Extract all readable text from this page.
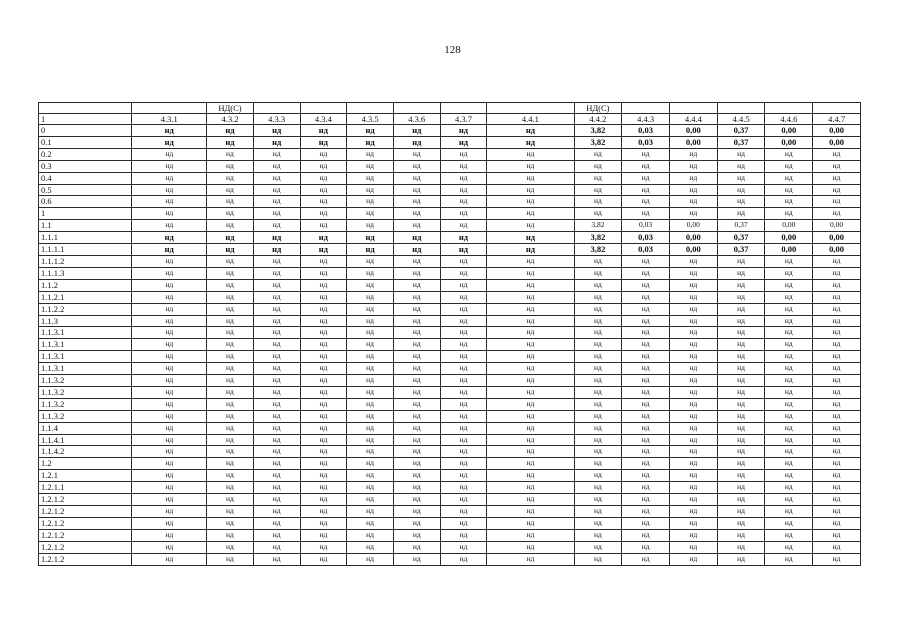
128
		НД(С)							НД(С)					
1	4.3.1	4.3.2	4.3.3	4.3.4	4.3.5	4.3.6	4.3.7	4.4.1	4.4.2	4.4.3	4.4.4	4.4.5	4.4.6	4.4.7
0	нд	нд	нд	нд	нд	нд	нд	нд	3,82	0,03	0,00	0,37	0,00	0,00
0.1	нд	нд	нд	нд	нд	нд	нд	нд	3,82	0,03	0,00	0,37	0,00	0,00
0.2	нд	нд	нд	нд	нд	нд	нд	нд	нд	нд	нд	нд	нд	нд
0.3	нд	нд	нд	нд	нд	нд	нд	нд	нд	нд	нд	нд	нд	нд
0.4	нд	нд	нд	нд	нд	нд	нд	нд	нд	нд	нд	нд	нд	нд
0.5	нд	нд	нд	нд	нд	нд	нд	нд	нд	нд	нд	нд	нд	нд
0.6	нд	нд	нд	нд	нд	нд	нд	нд	нд	нд	нд	нд	нд	нд
1	нд	нд	нд	нд	нд	нд	нд	нд	нд	нд	нд	нд	нд	нд
1.1	нд	нд	нд	нд	нд	нд	нд	нд	3,82	0,03	0,00	0,37	0,00	0,00
1.1.1	нд	нд	нд	нд	нд	нд	нд	нд	3,82	0,03	0,00	0,37	0,00	0,00
1.1.1.1	нд	нд	нд	нд	нд	нд	нд	нд	3,82	0,03	0,00	0,37	0,00	0,00
1.1.1.2	нд	нд	нд	нд	нд	нд	нд	нд	нд	нд	нд	нд	нд	нд
1.1.1.3	нд	нд	нд	нд	нд	нд	нд	нд	нд	нд	нд	нд	нд	нд
1.1.2	нд	нд	нд	нд	нд	нд	нд	нд	нд	нд	нд	нд	нд	нд
1.1.2.1	нд	нд	нд	нд	нд	нд	нд	нд	нд	нд	нд	нд	нд	нд
1.1.2.2	нд	нд	нд	нд	нд	нд	нд	нд	нд	нд	нд	нд	нд	нд
1.1.3	нд	нд	нд	нд	нд	нд	нд	нд	нд	нд	нд	нд	нд	нд
1.1.3.1	нд	нд	нд	нд	нд	нд	нд	нд	нд	нд	нд	нд	нд	нд
1.1.3.1	нд	нд	нд	нд	нд	нд	нд	нд	нд	нд	нд	нд	нд	нд
1.1.3.1	нд	нд	нд	нд	нд	нд	нд	нд	нд	нд	нд	нд	нд	нд
1.1.3.1	нд	нд	нд	нд	нд	нд	нд	нд	нд	нд	нд	нд	нд	нд
1.1.3.2	нд	нд	нд	нд	нд	нд	нд	нд	нд	нд	нд	нд	нд	нд
1.1.3.2	нд	нд	нд	нд	нд	нд	нд	нд	нд	нд	нд	нд	нд	нд
1.1.3.2	нд	нд	нд	нд	нд	нд	нд	нд	нд	нд	нд	нд	нд	нд
1.1.3.2	нд	нд	нд	нд	нд	нд	нд	нд	нд	нд	нд	нд	нд	нд
1.1.4	нд	нд	нд	нд	нд	нд	нд	нд	нд	нд	нд	нд	нд	нд
1.1.4.1	нд	нд	нд	нд	нд	нд	нд	нд	нд	нд	нд	нд	нд	нд
1.1.4.2	нд	нд	нд	нд	нд	нд	нд	нд	нд	нд	нд	нд	нд	нд
1.2	нд	нд	нд	нд	нд	нд	нд	нд	нд	нд	нд	нд	нд	нд
1.2.1	нд	нд	нд	нд	нд	нд	нд	нд	нд	нд	нд	нд	нд	нд
1.2.1.1	нд	нд	нд	нд	нд	нд	нд	нд	нд	нд	нд	нд	нд	нд
1.2.1.2	нд	нд	нд	нд	нд	нд	нд	нд	нд	нд	нд	нд	нд	нд
1.2.1.2	нд	нд	нд	нд	нд	нд	нд	нд	нд	нд	нд	нд	нд	нд
1.2.1.2	нд	нд	нд	нд	нд	нд	нд	нд	нд	нд	нд	нд	нд	нд
1.2.1.2	нд	нд	нд	нд	нд	нд	нд	нд	нд	нд	нд	нд	нд	нд
1.2.1.2	нд	нд	нд	нд	нд	нд	нд	нд	нд	нд	нд	нд	нд	нд
1.2.1.2	нд	нд	нд	нд	нд	нд	нд	нд	нд	нд	нд	нд	нд	нд
